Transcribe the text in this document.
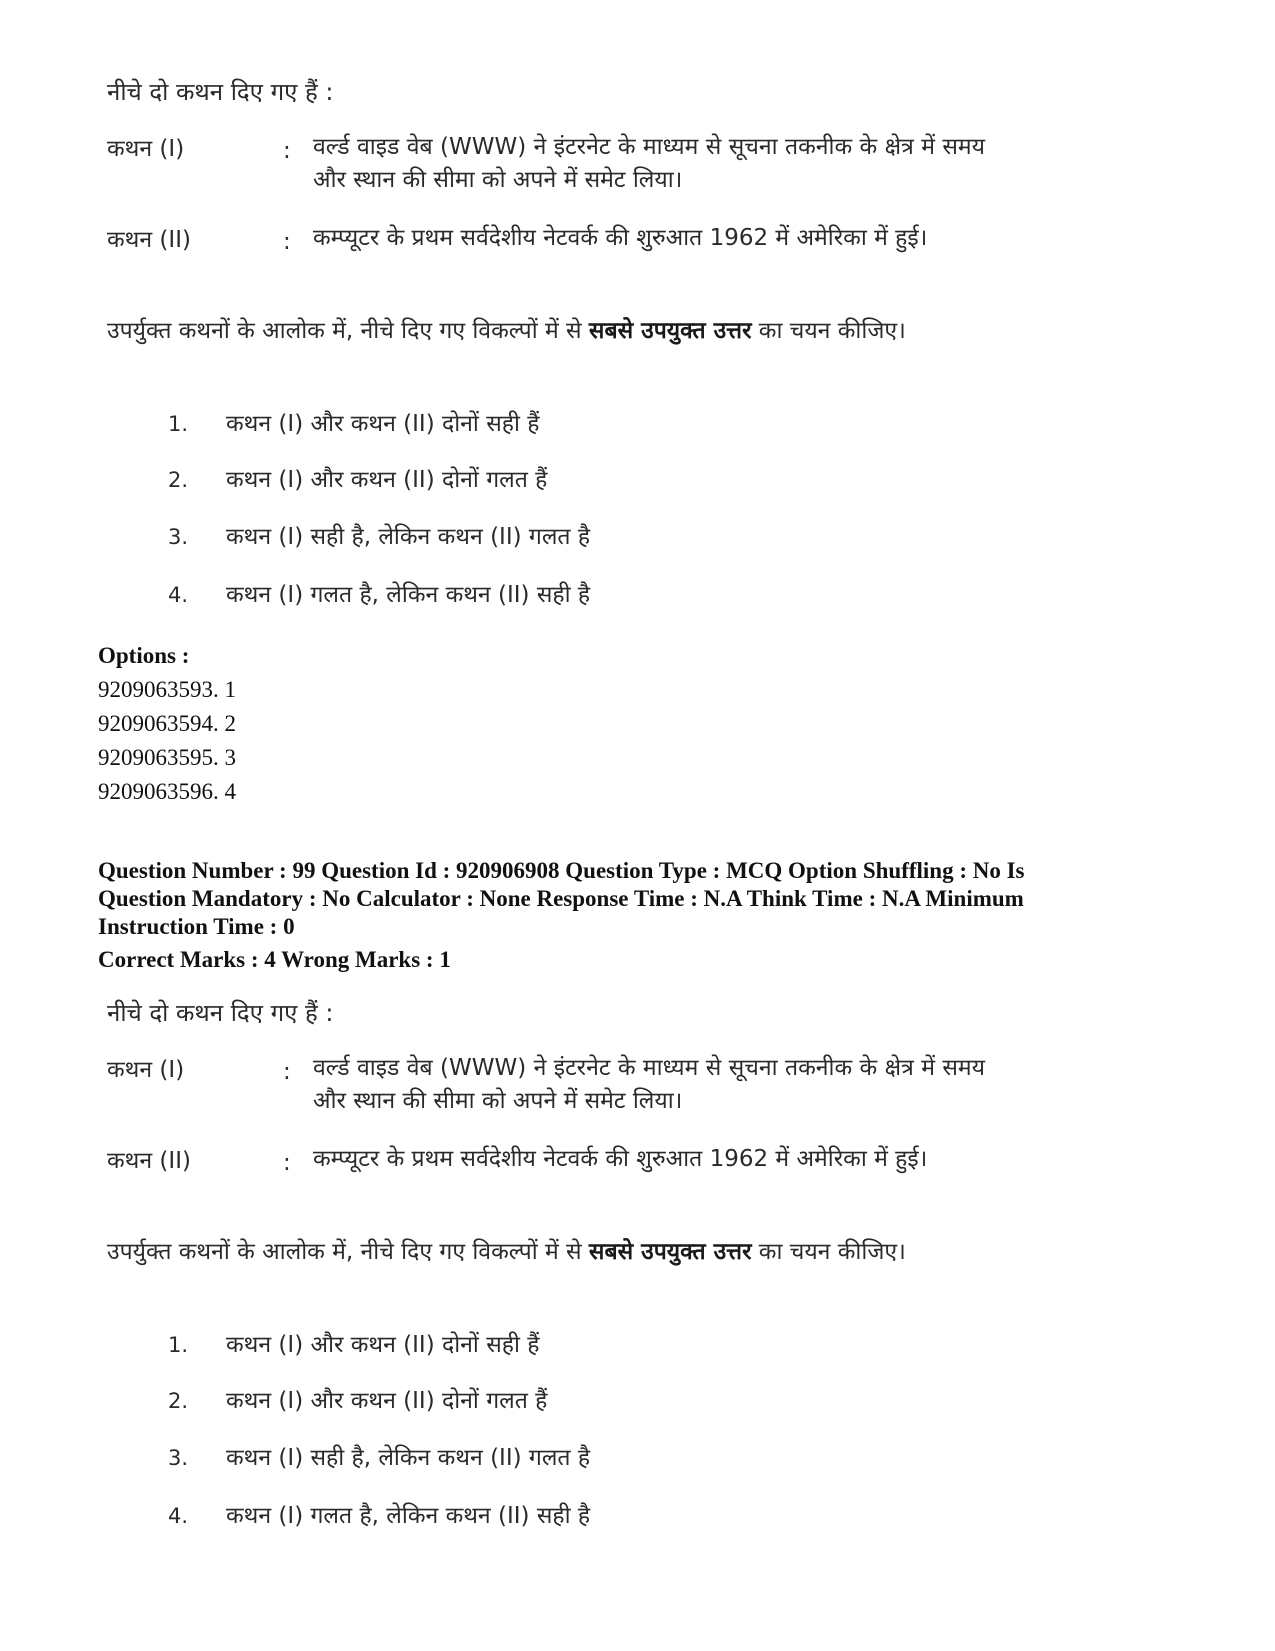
नीचे दो कथन दिए गए हैं :
कथन (I)	: वर्ल्ड वाइड वेब (WWW) ने इंटरनेट के माध्यम से सूचना तकनीक के क्षेत्र में समय और स्थान की सीमा को अपने में समेट लिया।
कथन (II)	: कम्प्यूटर के प्रथम सर्वदेशीय नेटवर्क की शुरुआत 1962 में अमेरिका में हुई।
उपर्युक्त कथनों के आलोक में, नीचे दिए गए विकल्पों में से सबसे उपयुक्त उत्तर का चयन कीजिए।
1. कथन (I) और कथन (II) दोनों सही हैं
2. कथन (I) और कथन (II) दोनों गलत हैं
3. कथन (I) सही है, लेकिन कथन (II) गलत है
4. कथन (I) गलत है, लेकिन कथन (II) सही है
Options :
9209063593. 1
9209063594. 2
9209063595. 3
9209063596. 4
Question Number : 99 Question Id : 920906908 Question Type : MCQ Option Shuffling : No Is Question Mandatory : No Calculator : None Response Time : N.A Think Time : N.A Minimum Instruction Time : 0
Correct Marks : 4 Wrong Marks : 1
नीचे दो कथन दिए गए हैं :
कथन (I)	: वर्ल्ड वाइड वेब (WWW) ने इंटरनेट के माध्यम से सूचना तकनीक के क्षेत्र में समय और स्थान की सीमा को अपने में समेट लिया।
कथन (II)	: कम्प्यूटर के प्रथम सर्वदेशीय नेटवर्क की शुरुआत 1962 में अमेरिका में हुई।
उपर्युक्त कथनों के आलोक में, नीचे दिए गए विकल्पों में से सबसे उपयुक्त उत्तर का चयन कीजिए।
1. कथन (I) और कथन (II) दोनों सही हैं
2. कथन (I) और कथन (II) दोनों गलत हैं
3. कथन (I) सही है, लेकिन कथन (II) गलत है
4. कथन (I) गलत है, लेकिन कथन (II) सही है
